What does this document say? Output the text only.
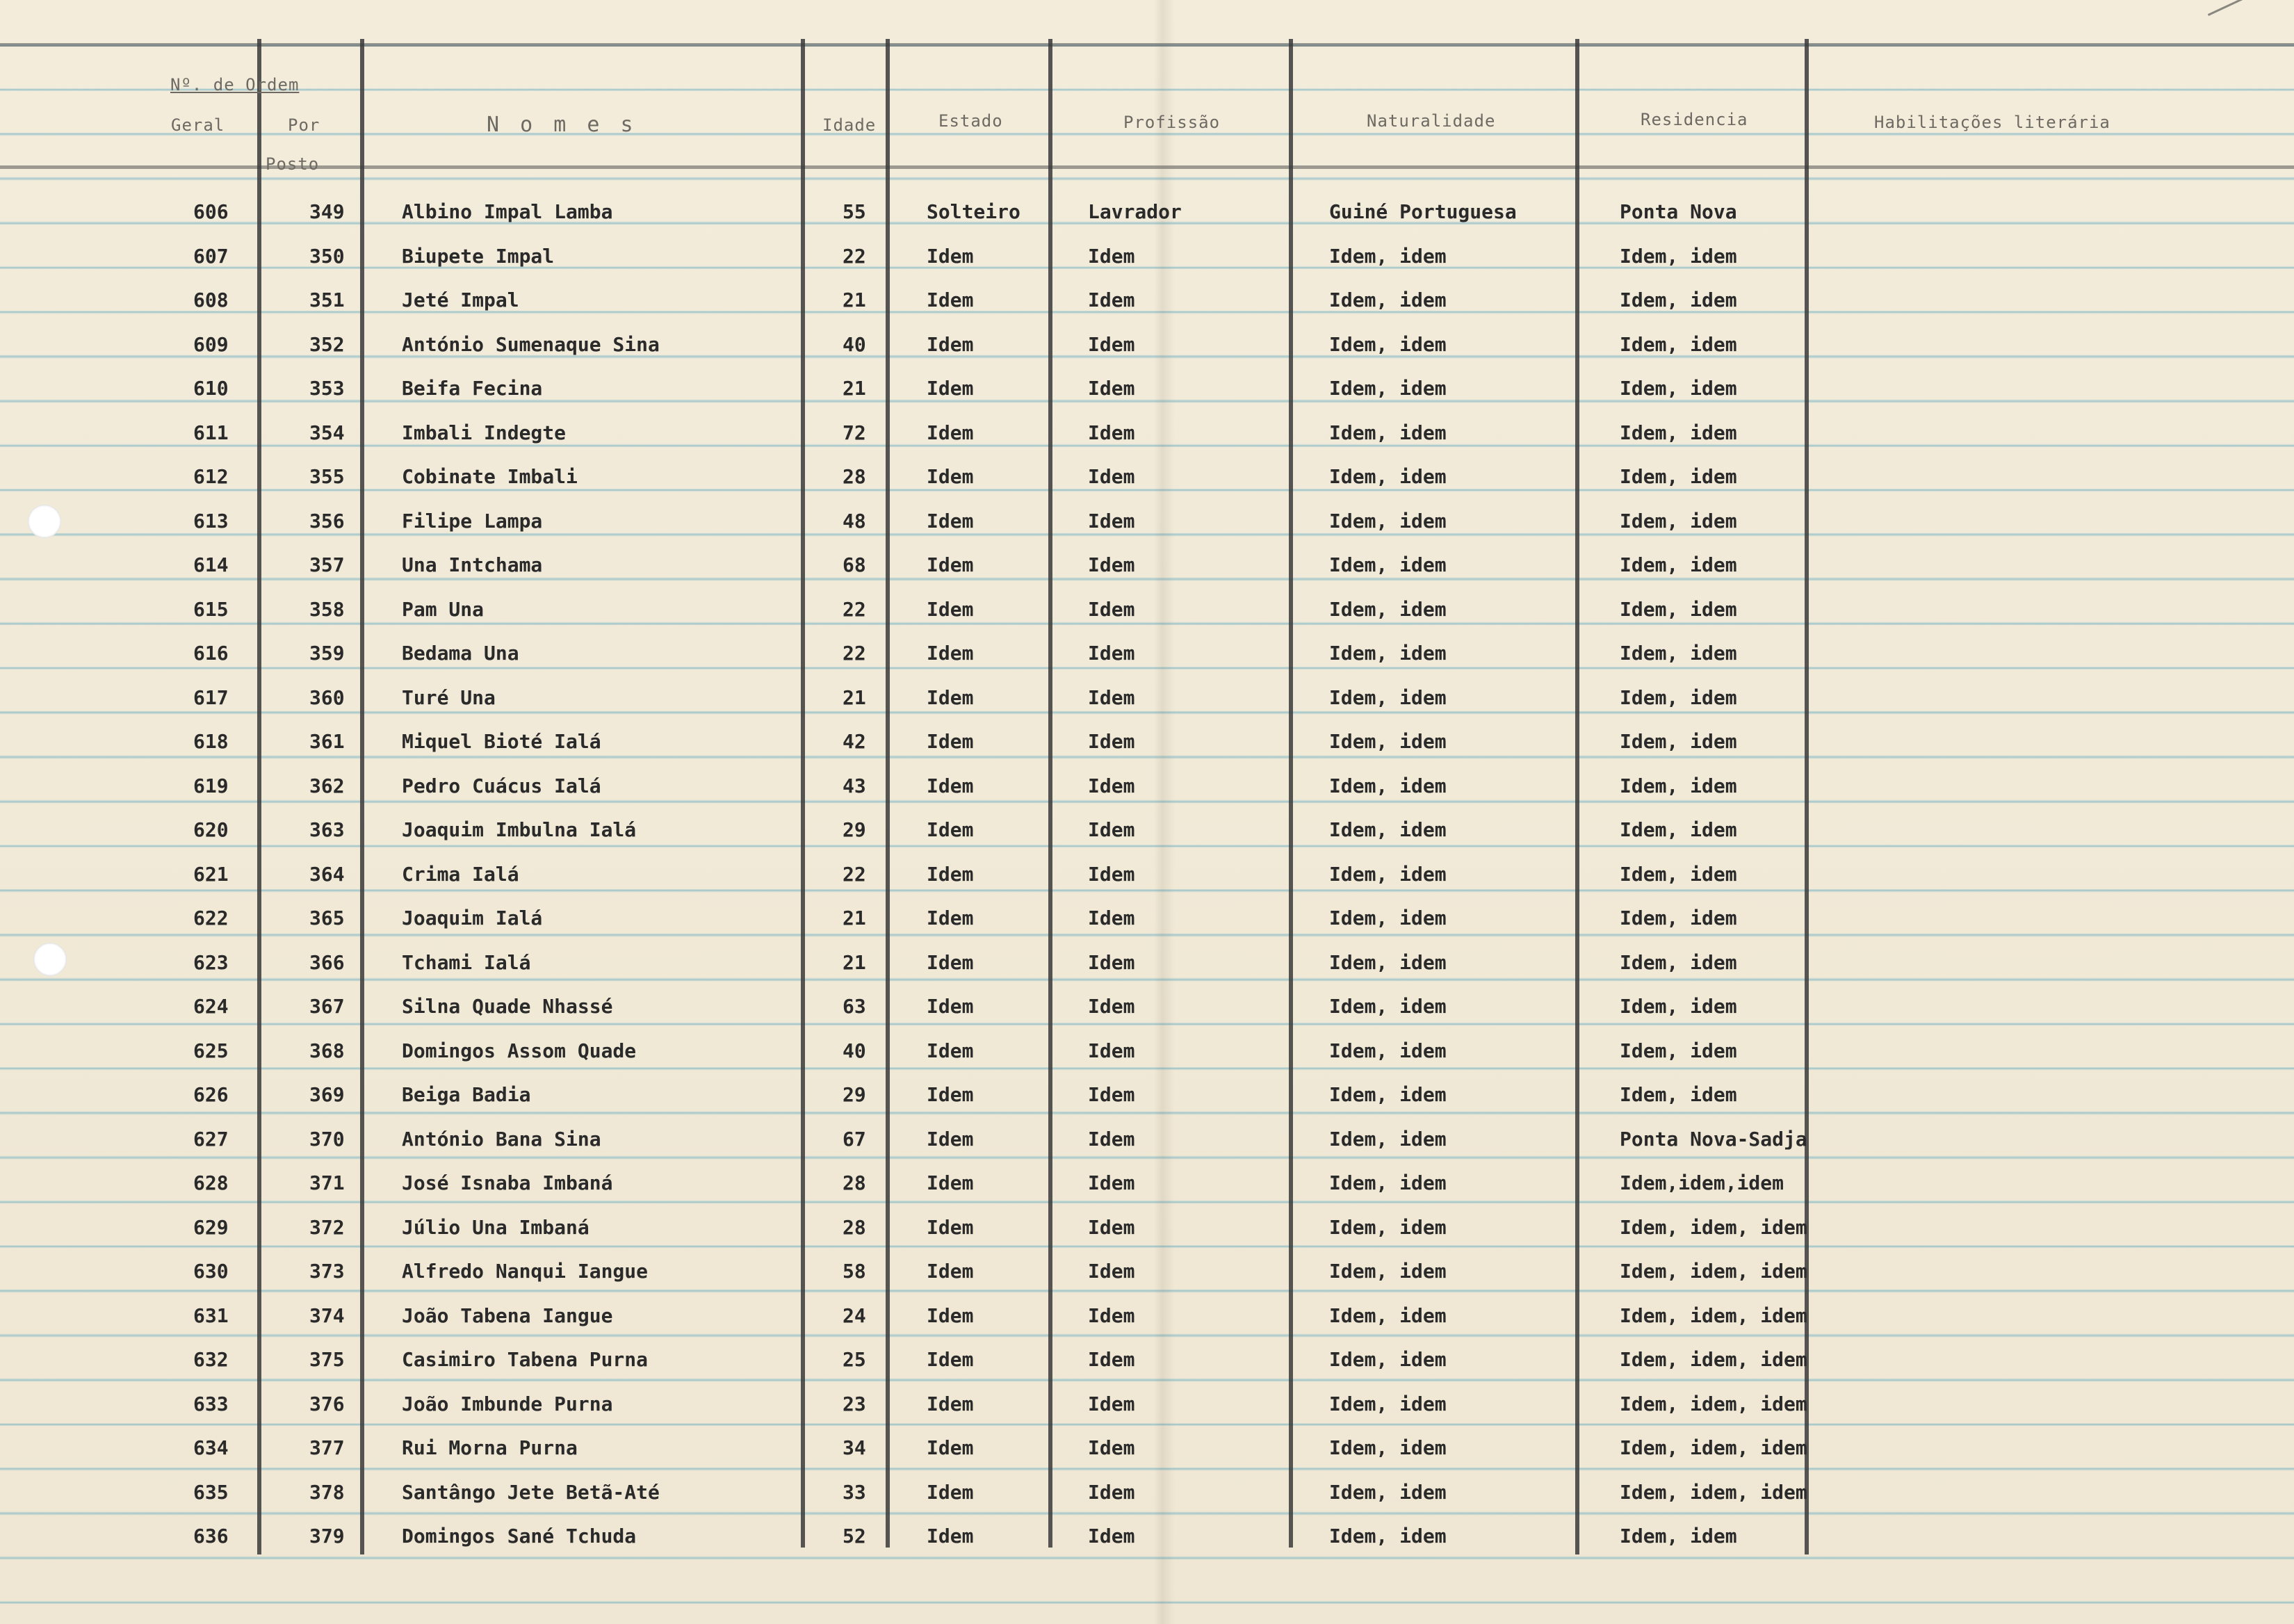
Nº. de Ordem
Geral	Por
Posto
N o m e s	Idade	Estado	Profissão	Naturalidade	Residencia	Habilitações literária
606	349	Albino Impal Lamba	55	Solteiro	Lavrador	Guiné Portuguesa	Ponta Nova
607	350	Biupete Impal	22	Idem	Idem	Idem, idem	Idem, idem
608	351	Jeté Impal	21	Idem	Idem	Idem, idem	Idem, idem
609	352	António Sumenaque Sina	40	Idem	Idem	Idem, idem	Idem, idem
610	353	Beifa Fecina	21	Idem	Idem	Idem, idem	Idem, idem
611	354	Imbali Indegte	72	Idem	Idem	Idem, idem	Idem, idem
612	355	Cobinate Imbali	28	Idem	Idem	Idem, idem	Idem, idem
613	356	Filipe Lampa	48	Idem	Idem	Idem, idem	Idem, idem
614	357	Una Intchama	68	Idem	Idem	Idem, idem	Idem, idem
615	358	Pam Una	22	Idem	Idem	Idem, idem	Idem, idem
616	359	Bedama Una	22	Idem	Idem	Idem, idem	Idem, idem
617	360	Turé Una	21	Idem	Idem	Idem, idem	Idem, idem
618	361	Miquel Bioté Ialá	42	Idem	Idem	Idem, idem	Idem, idem
619	362	Pedro Cuácus Ialá	43	Idem	Idem	Idem, idem	Idem, idem
620	363	Joaquim Imbulna Ialá	29	Idem	Idem	Idem, idem	Idem, idem
621	364	Crima Ialá	22	Idem	Idem	Idem, idem	Idem, idem
622	365	Joaquim Ialá	21	Idem	Idem	Idem, idem	Idem, idem
623	366	Tchami Ialá	21	Idem	Idem	Idem, idem	Idem, idem
624	367	Silna Quade Nhassé	63	Idem	Idem	Idem, idem	Idem, idem
625	368	Domingos Assom Quade	40	Idem	Idem	Idem, idem	Idem, idem
626	369	Beiga Badia	29	Idem	Idem	Idem, idem	Idem, idem
627	370	António Bana Sina	67	Idem	Idem	Idem, idem	Ponta Nova-Sadja
628	371	José Isnaba Imbaná	28	Idem	Idem	Idem, idem	Idem,idem,idem
629	372	Júlio Una Imbaná	28	Idem	Idem	Idem, idem	Idem, idem, idem
630	373	Alfredo Nanqui Iangue	58	Idem	Idem	Idem, idem	Idem, idem, idem
631	374	João Tabena Iangue	24	Idem	Idem	Idem, idem	Idem, idem, idem
632	375	Casimiro Tabena Purna	25	Idem	Idem	Idem, idem	Idem, idem, idem
633	376	João Imbunde Purna	23	Idem	Idem	Idem, idem	Idem, idem, idem
634	377	Rui Morna Purna	34	Idem	Idem	Idem, idem	Idem, idem, idem
635	378	Santângo Jete Betã-Até	33	Idem	Idem	Idem, idem	Idem, idem, idem
636	379	Domingos Sané Tchuda	52	Idem	Idem	Idem, idem	Idem, idem
